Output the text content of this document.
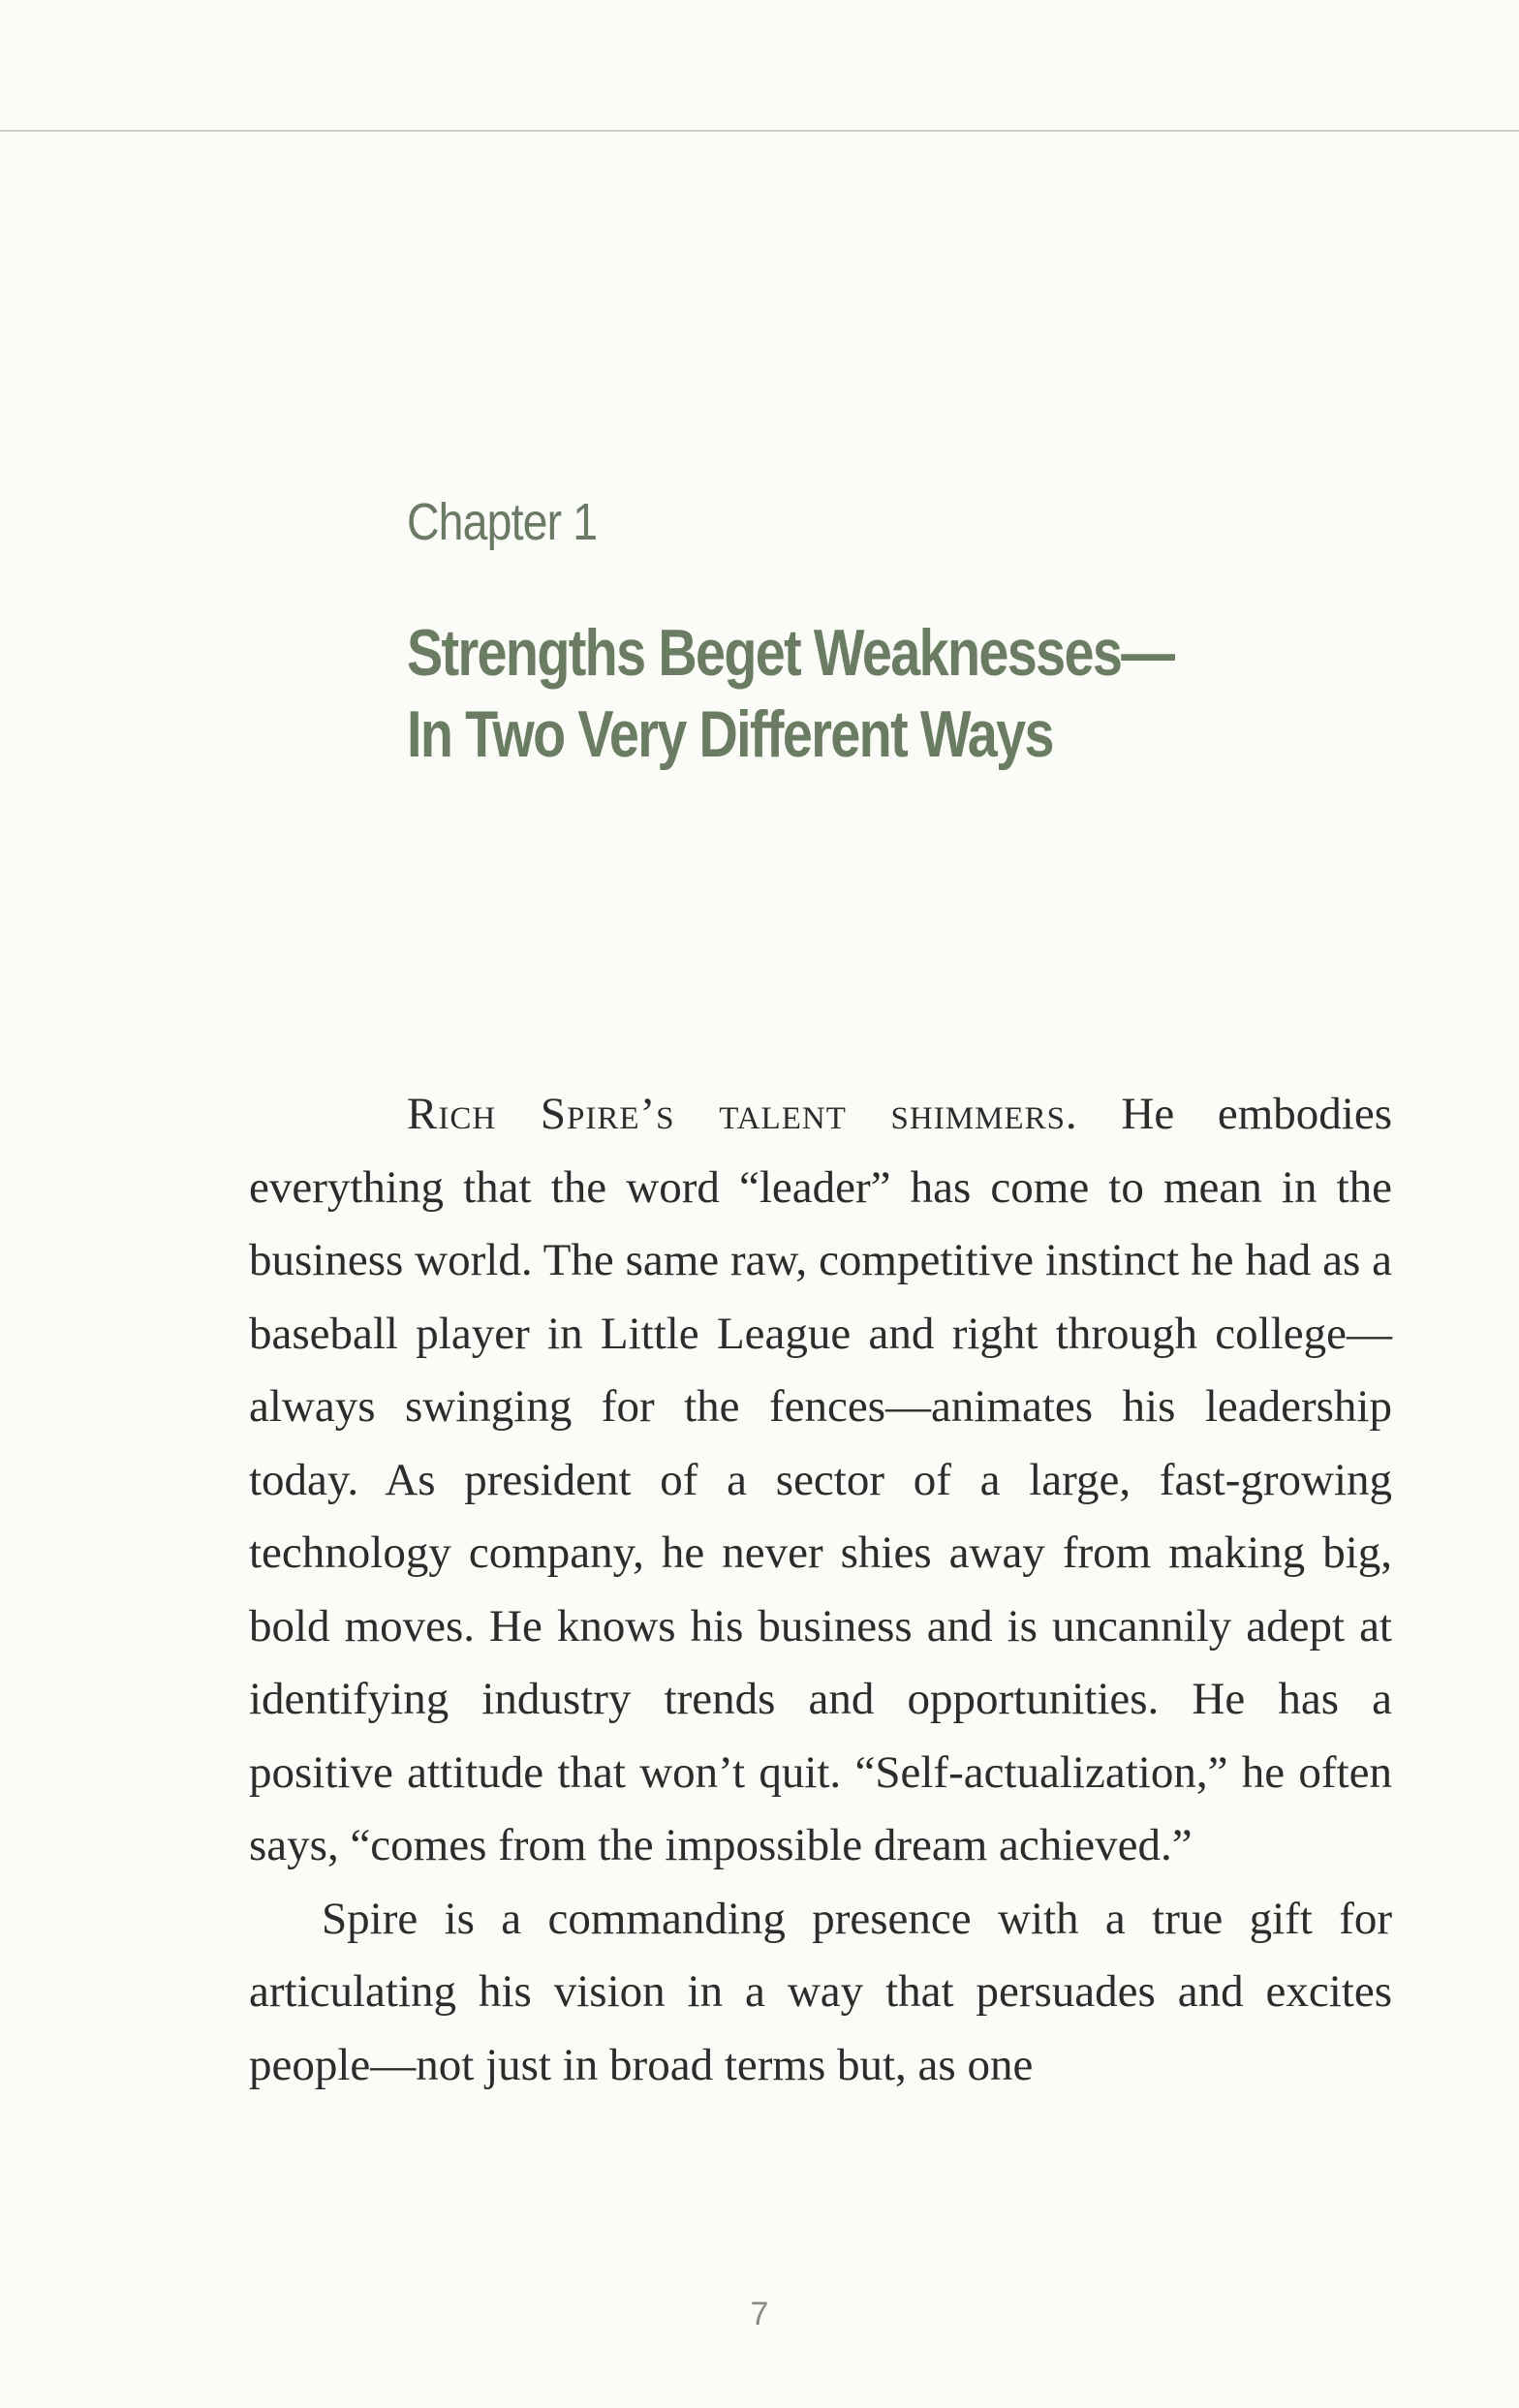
Chapter 1
Strengths Beget Weaknesses—
In Two Very Different Ways

Rich Spire’s talent shimmers. He embodies everything that the word “leader” has come to mean in the business world. The same raw, competitive instinct he had as a baseball player in Little League and right through college—always swinging for the fences—animates his leadership today. As president of a sector of a large, fast-growing technology company, he never shies away from making big, bold moves. He knows his business and is uncannily adept at identifying industry trends and opportunities. He has a positive attitude that won’t quit. “Self-actualization,” he often says, “comes from the impossible dream achieved.”

Spire is a commanding presence with a true gift for articulating his vision in a way that persuades and excites people—not just in broad terms but, as one

7
